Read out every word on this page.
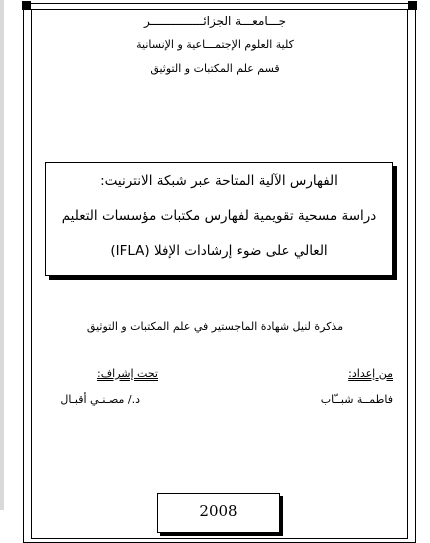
جـــامعـــة الجزائـــــــــــــــر
كلية العلوم الإجتمـــاعية و الإنسانية
قسم علم المكتبات و التوثيق
الفهارس الآلية المتاحة عبر شبكة الانترنيت:
دراسة مسحية تقويمية لفهارس مكتبات مؤسسات التعليم
العالي على ضوء إرشادات الإفلا (IFLA)
مذكرة لنيل شهادة الماجستير في علم المكتبات و التوثيق
من إعداد:
فاطمــة شبــّاب
تحت إشراف:
د./ مصـنـي أقبـال
2008
